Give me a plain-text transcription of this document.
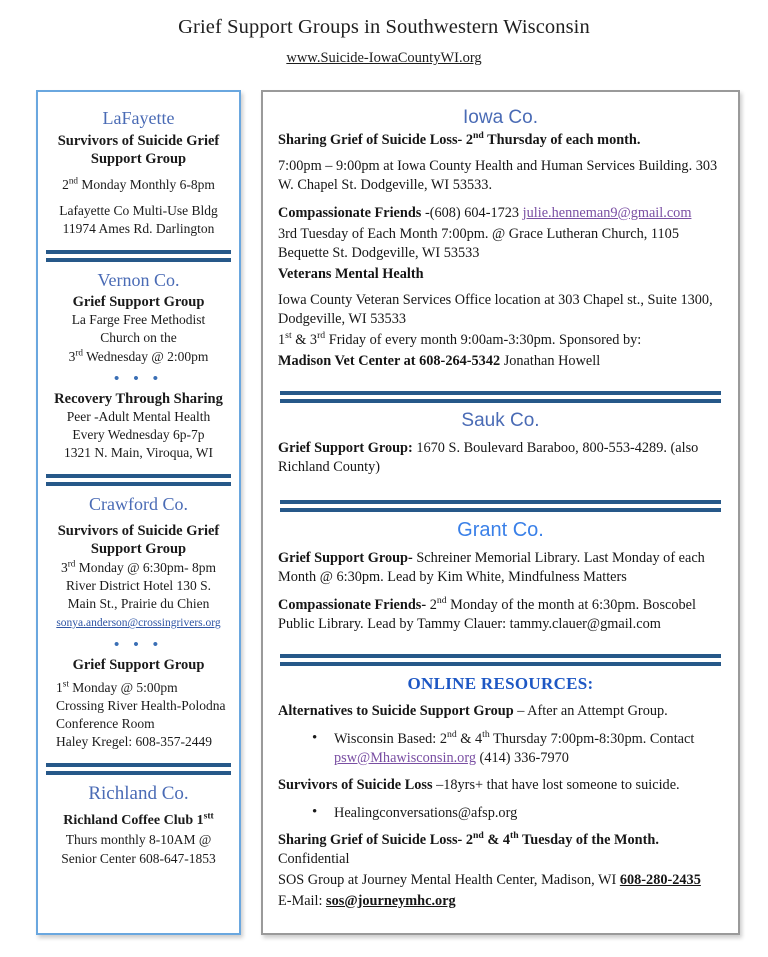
Grief Support Groups in Southwestern Wisconsin
www.Suicide-IowaCountyWI.org
LaFayette
Survivors of Suicide Grief Support Group
2nd Monday Monthly 6-8pm
Lafayette Co Multi-Use Bldg
11974 Ames Rd. Darlington
Vernon Co.
Grief Support Group
La Farge Free Methodist
Church on the
3rd Wednesday @ 2:00pm
• • •
Recovery Through Sharing
Peer -Adult Mental Health
Every Wednesday 6p-7p
1321 N. Main, Viroqua, WI
Crawford Co.
Survivors of Suicide Grief Support Group
3rd Monday @ 6:30pm- 8pm
River District Hotel 130 S.
Main St., Prairie du Chien
sonya.anderson@crossingrivers.org
• • •
Grief Support Group
1st Monday @ 5:00pm
Crossing River Health-Polodna
Conference Room
Haley Kregel: 608-357-2449
Richland Co.
Richland Coffee Club $1^{stt}$
Thurs monthly 8-10AM @
Senior Center 608-647-1853
Iowa Co.
Sharing Grief of Suicide Loss- 2nd Thursday of each month.
7:00pm – 9:00pm at Iowa County Health and Human Services Building. 303 W. Chapel St. Dodgeville, WI 53533.
Compassionate Friends -(608) 604-1723 julie.henneman9@gmail.com
3rd Tuesday of Each Month 7:00pm. @ Grace Lutheran Church, 1105 Bequette St. Dodgeville, WI 53533
Veterans Mental Health
Iowa County Veteran Services Office location at 303 Chapel st., Suite 1300, Dodgeville, WI 53533
1st & 3rd Friday of every month 9:00am-3:30pm. Sponsored by:
Madison Vet Center at 608-264-5342 Jonathan Howell
Sauk Co.
Grief Support Group: 1670 S. Boulevard Baraboo, 800-553-4289. (also Richland County)
Grant Co.
Grief Support Group- Schreiner Memorial Library. Last Monday of each Month @ 6:30pm. Lead by Kim White, Mindfulness Matters
Compassionate Friends- 2nd Monday of the month at 6:30pm. Boscobel Public Library. Lead by Tammy Clauer: tammy.clauer@gmail.com
ONLINE RESOURCES:
Alternatives to Suicide Support Group – After an Attempt Group.
• Wisconsin Based: 2nd & 4th Thursday 7:00pm-8:30pm. Contact psw@Mhawisconsin.org (414) 336-7970
Survivors of Suicide Loss –18yrs+ that have lost someone to suicide.
• Healingconversations@afsp.org
Sharing Grief of Suicide Loss- 2nd & 4th Tuesday of the Month. Confidential
SOS Group at Journey Mental Health Center, Madison, WI 608-280-2435
E-Mail: sos@journeymhc.org
